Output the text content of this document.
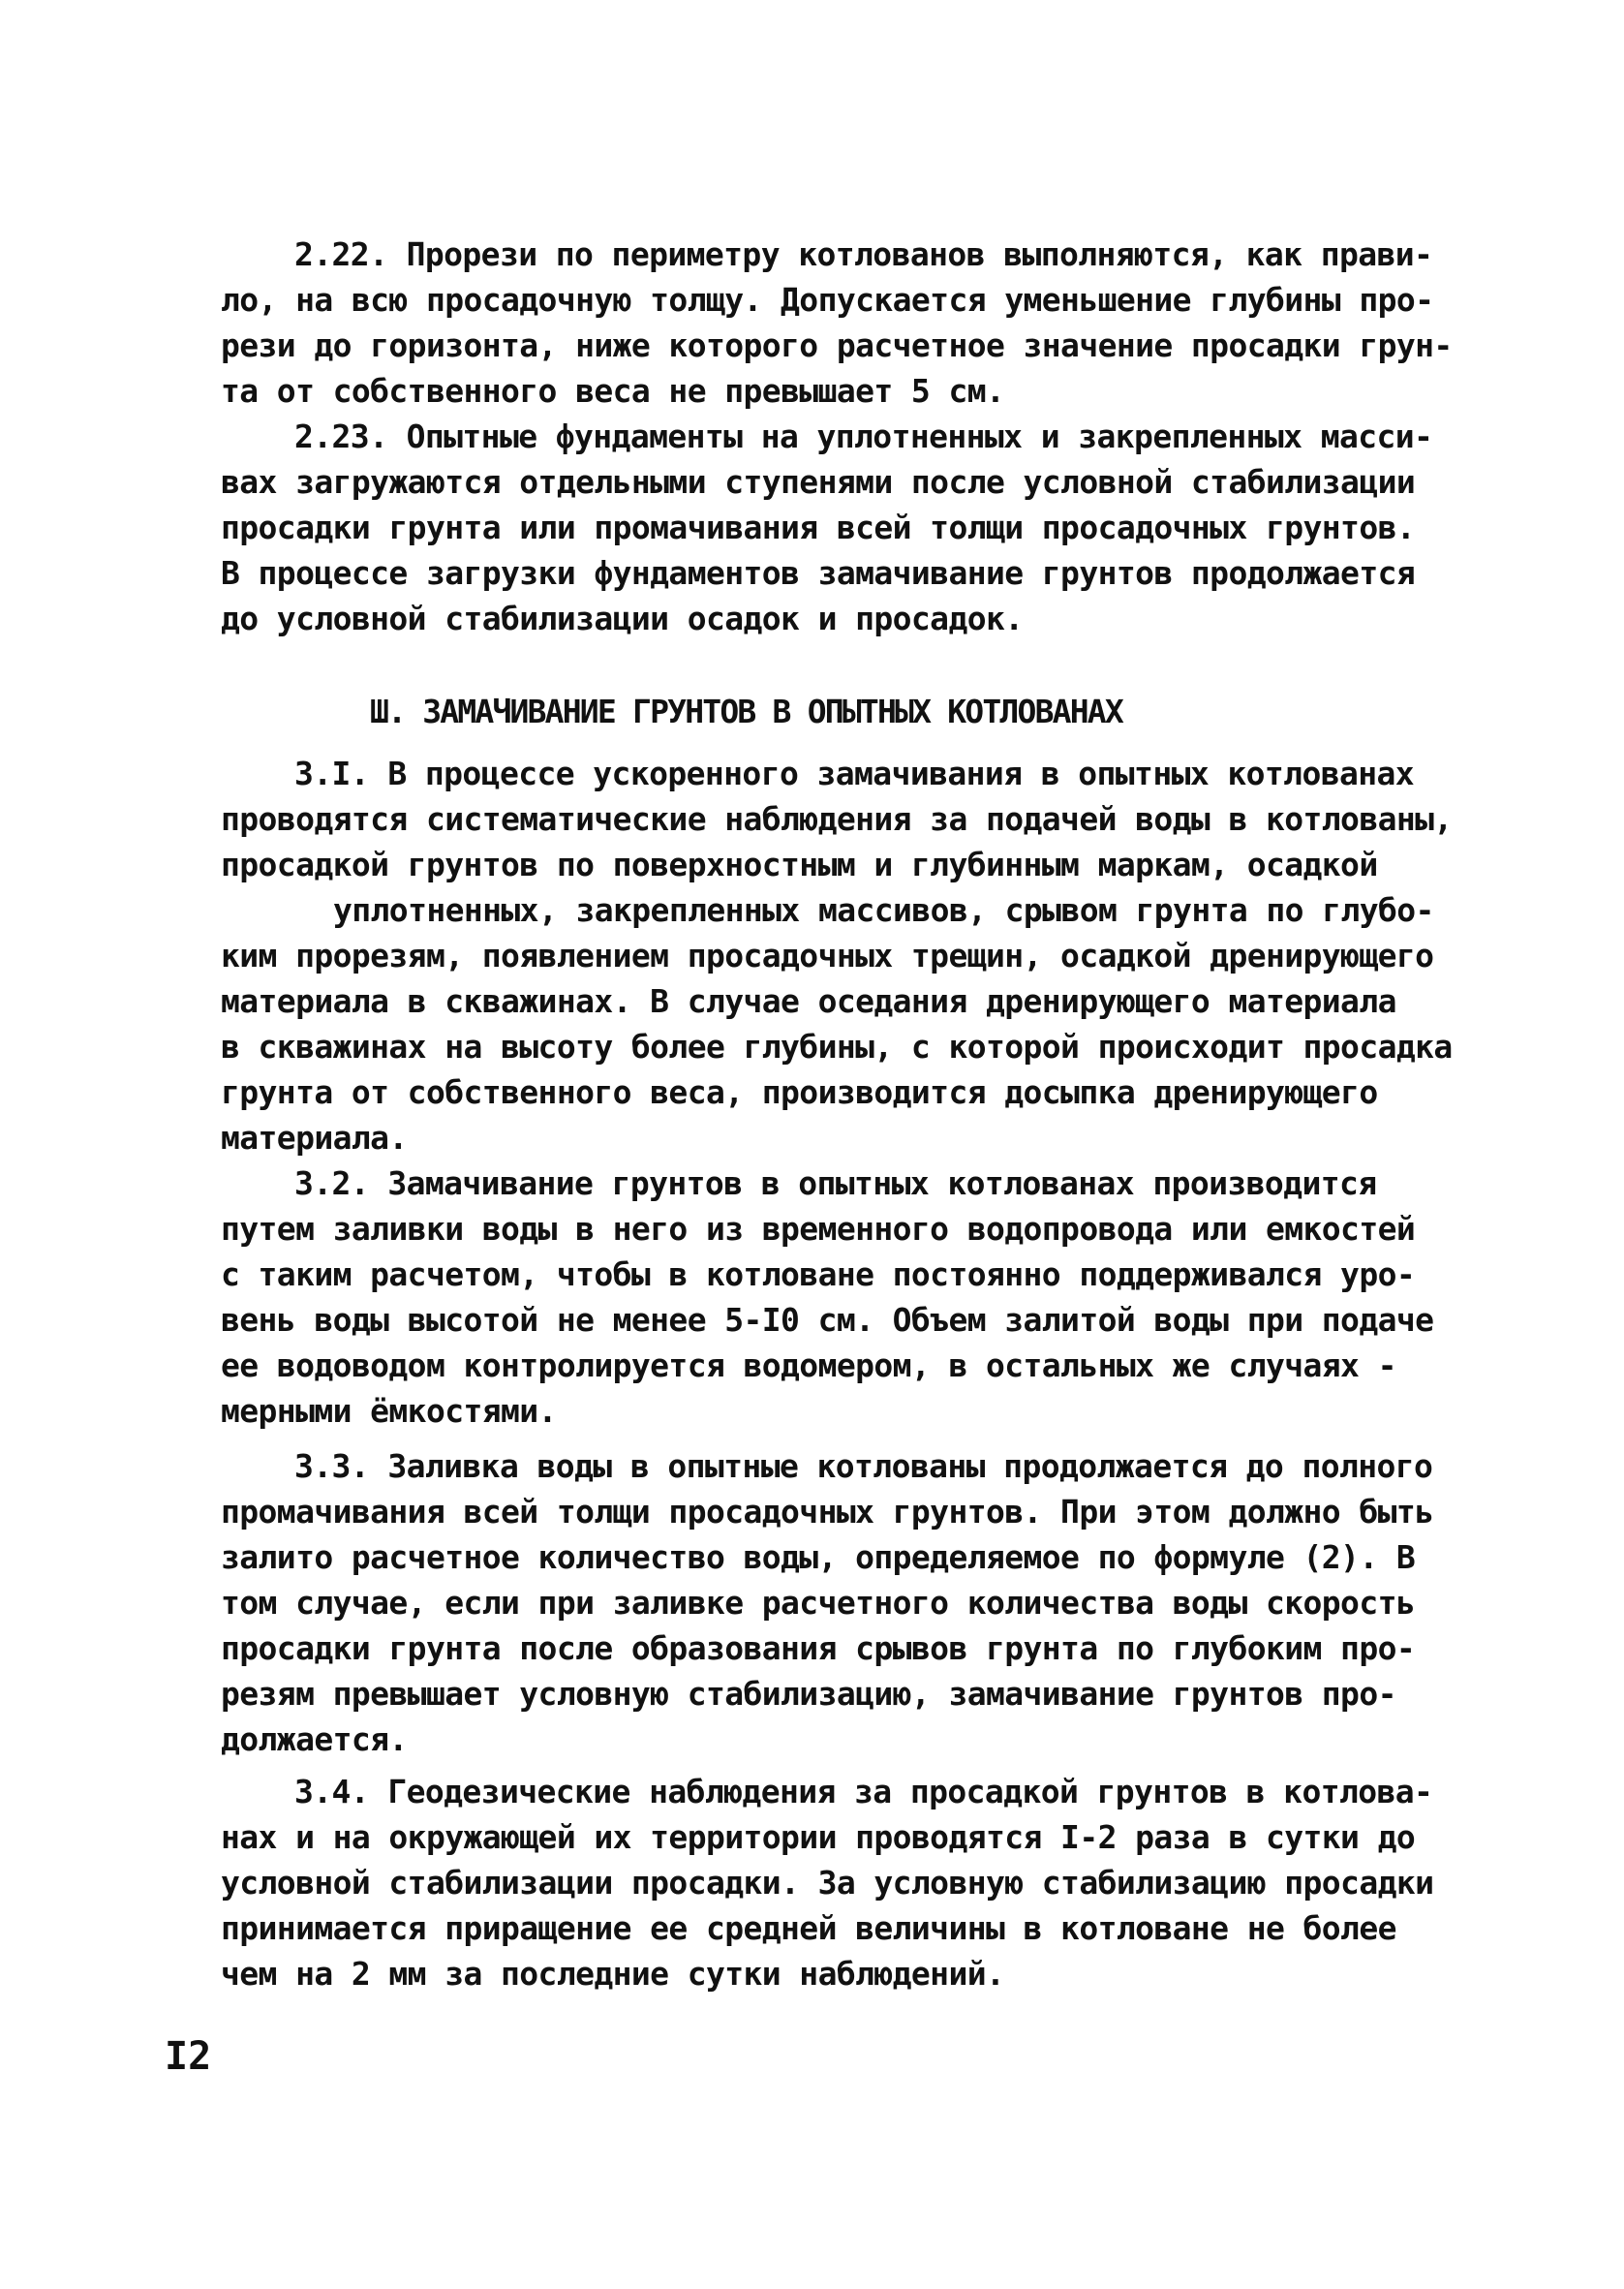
2.22. Прорези по периметру котлованов выполняются, как прави-
ло, на всю просадочную толщу. Допускается уменьшение глубины про-
рези до горизонта, ниже которого расчетное значение просадки грун-
та от собственного веса не превышает 5 см.
2.23. Опытные фундаменты на уплотненных и закрепленных масси-
вах загружаются отдельными ступенями после условной стабилизации
просадки грунта или промачивания всей толщи просадочных грунтов.
В процессе загрузки фундаментов замачивание грунтов продолжается
до условной стабилизации осадок и просадок.
Ш. ЗАМАЧИВАНИЕ ГРУНТОВ В ОПЫТНЫХ КОТЛОВАНАХ
3.I. В процессе ускоренного замачивания в опытных котлованах
проводятся систематические наблюдения за подачей воды в котлованы,
просадкой грунтов по поверхностным и глубинным маркам, осадкой
уплотненных, закрепленных массивов, срывом грунта по глубо-
ким прорезям, появлением просадочных трещин, осадкой дренирующего
материала в скважинах. В случае оседания дренирующего материала
в скважинах на высоту более глубины, с которой происходит просадка
грунта от собственного веса, производится досыпка дренирующего
материала.
3.2. Замачивание грунтов в опытных котлованах производится
путем заливки воды в него из временного водопровода или емкостей
с таким расчетом, чтобы в котловане постоянно поддерживался уро-
вень воды высотой не менее 5-I0 см. Объем залитой воды при подаче
ее водоводом контролируется водомером, в остальных же случаях -
мерными ёмкостями.
3.3. Заливка воды в опытные котлованы продолжается до полного
промачивания всей толщи просадочных грунтов. При этом должно быть
залито расчетное количество воды, определяемое по формуле (2). В
том случае, если при заливке расчетного количества воды скорость
просадки грунта после образования срывов грунта по глубоким про-
резям превышает условную стабилизацию, замачивание грунтов про-
должается.
3.4. Геодезические наблюдения за просадкой грунтов в котлова-
нах и на окружающей их территории проводятся I-2 раза в сутки до
условной стабилизации просадки. За условную стабилизацию просадки
принимается приращение ее средней величины в котловане не более
чем на 2 мм за последние сутки наблюдений.
I2
